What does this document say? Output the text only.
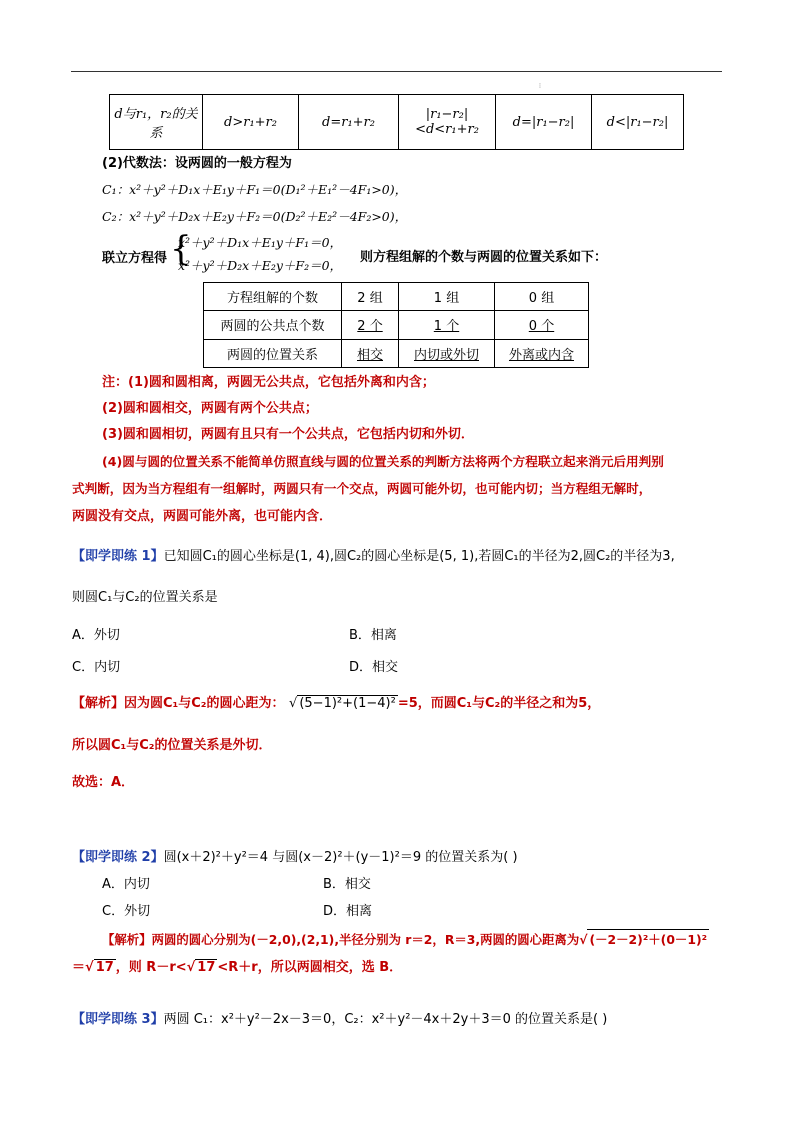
⁞
d与r₁，r₂的关系	d>r₁+r₂	d=r₁+r₂	|r₁−r₂|<d<r₁+r₂	d=|r₁−r₂|	d<|r₁−r₂|
(2)代数法：设两圆的一般方程为
C₁：x²＋y²＋D₁x＋E₁y＋F₁＝0(D₁²＋E₁²－4F₁>0)，
C₂：x²＋y²＋D₂x＋E₂y＋F₂＝0(D₂²＋E₂²－4F₂>0)，
联立方程得 {
x²＋y²＋D₁x＋E₁y＋F₁＝0，
x²＋y²＋D₂x＋E₂y＋F₂＝0，
则方程组解的个数与两圆的位置关系如下：
方程组解的个数	2 组	1 组	0 组
两圆的公共点个数	2 个	1 个	0 个
两圆的位置关系	相交	内切或外切	外离或内含
注：(1)圆和圆相离，两圆无公共点，它包括外离和内含；
(2)圆和圆相交，两圆有两个公共点；
(3)圆和圆相切，两圆有且只有一个公共点，它包括内切和外切．
(4)圆与圆的位置关系不能简单仿照直线与圆的位置关系的判断方法将两个方程联立起来消元后用判别
式判断，因为当方程组有一组解时，两圆只有一个交点，两圆可能外切，也可能内切；当方程组无解时，
两圆没有交点，两圆可能外离，也可能内含．
【即学即练 1】已知圆C₁的圆心坐标是(1, 4),圆C₂的圆心坐标是(5, 1),若圆C₁的半径为2,圆C₂的半径为3,
则圆C₁与C₂的位置关系是
A．外切	B．相离
C．内切	D．相交
【解析】因为圆C₁与C₂的圆心距为： √ (5−1)²+(1−4)² =5，而圆C₁与C₂的半径之和为5，
所以圆C₁与C₂的位置关系是外切．
故选：A．
【即学即练 2】圆(x＋2)²＋y²＝4 与圆(x－2)²＋(y－1)²＝9 的位置关系为( )
A．内切	B．相交
C．外切	D．相离
【解析】两圆的圆心分别为(－2,0),(2,1),半径分别为 r＝2，R＝3,两圆的圆心距离为√ (－2－2)²＋(0－1)²
＝√ 17 ，则 R－r<√ 17 <R＋r，所以两圆相交，选 B．
【即学即练 3】两圆 C₁：x²＋y²－2x－3＝0，C₂：x²＋y²－4x＋2y＋3＝0 的位置关系是( )
